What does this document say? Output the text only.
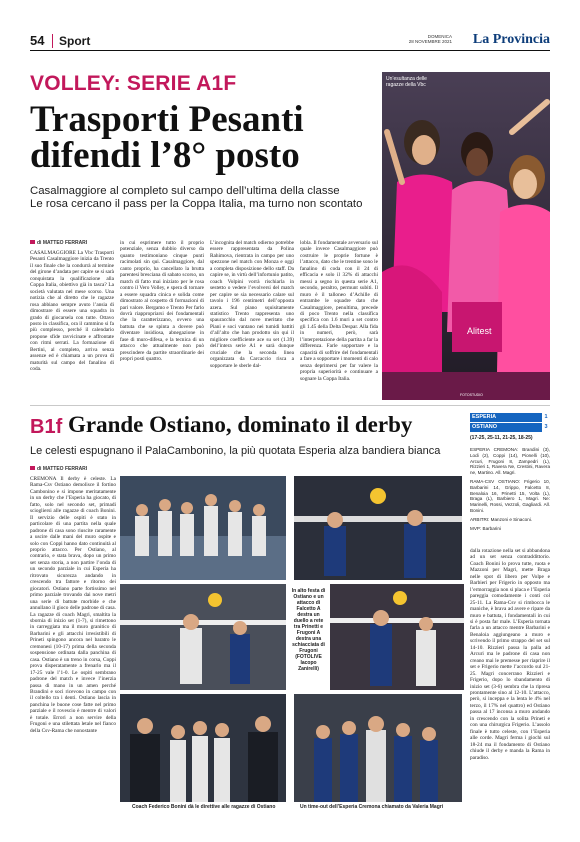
54	Sport	DOMENICA
28 NOVEMBRE 2021 La Provincia
VOLLEY: SERIE A1F
Trasporti Pesanti
difendi l’8° posto
Casalmaggiore al completo sul campo dell’ultima della classe
Le rosa cercano il pass per la Coppa Italia, ma turno non scontato
di MATTEO FERRARI
CASALMAGGIORE La Vbc Trasporti Pesanti Casalmaggiore inizia da Trento il suo finale che la condurrà al termine del girone d’andata per capire se si sarà conquistata la qualificazione alla Coppa Italia, obiettivo già in tasca? La società valutata nel mese scorso. Una notizia che al diretto che le ragazze rosa abbiano sempre avuto l’ansia di dimostrare di essere una squadra in grado di giocarsela con tutte. Ottavo posto in classifica, ora il cammino si fa più complesso, perché il calendario propone sfide ravvicinate e affrontate con ritmi serrati. La formazione di Bertini, al completo, arriva senza assenze ed è chiamata a un prova di maturità sul campo del fanalino di coda.
in cui esprimere tutto il proprio potenziale, senza dubbio diverso da quanto testimoniano cinque punti racimolati sin qui. Casalmaggiore, dal canto proprio, ha cancellato la brutta parentesi bresciana di sabato scorso, un match di fatto mai iniziato per le rosa contro il Vero Volley, e spera di tornare a essere squadra cinica e solida come dimostrato al cospetto di formazioni di pari valore. Bergamo e Trento Per farlo dovrà riappropriarsi dei fondamentali che la caratterizzano, ovvero una battuta che se spinta a dovere può diventare insidiosa, abnegazione in fase di muro-difesa, e la tecnica di un attacco che attualmente non può prescindere da partite straordinarie dei propri posti quattro.
L’incognita del match odierno potrebbe essere rappresentata da Polina Rahimova, rientrata in campo per uno spezzone nel match con Monza e oggi a completa disposizione dello staff. Da capire se, in virtù dell’infortunio patito, coach Volpini vorrà rischiarla in sestetto o vedere l’evolversi del match per capire se sia necessario calare sul tavolo i 196 centimetri dell’opposta azera. Sul piano squisitamente statistico Trento rappresenta uno spauracchio dal nove meritato che Piani e soci vantano nei tumidi battiti d’all’alto che han prodotto sin qui il migliore coefficiente ace su set (1.39) dell’intera serie A1 e sarà dunque cruciale che la seconda linea organizzata da Carcaccio risca a sopportare le sberle dal-
lobla. Il fondamentale avversario sul quale invece Casalmaggiore può costruire le proprie fortune è l’attacco, dato che le trentine sono le fanalino di coda con il 24 di efficacia e solo il 32% di attacchi messi a segno in questa serie A1, secondo, peraltro, permunt subiti. Il muro è il talloneo d’Achille di entrambe le squadre dato che Casalmaggiore, penultima, precede di poco Trento nella classifica specifica con 1.6 muri a set contro gli 1.45 della Delta Despar. Alla fida in numeri, però, sarà l’interpretazione della partita a far la differenza. Farle sopportare e la capacità di soffrire del fondamentali a fare a sopportare i momenti di calo senza deprimersi per far valere la propria superiorità e continuare a sognare la Coppa Italia.
Alitest
Un’esultanza delle ragazze della Vbc
FOTOSTUDIO
B1f Grande Ostiano, dominato il derby
Le celesti espugnano il PalaCambonino, la più quotata Esperia alza bandiera bianca
di MATTEO FERRARI
CREMONA Il derby è celeste. La Rama-Csv Ostiano demolisce il fortino Cambonino e si impone meritatamente in un derby che l’Esperia ha giocato, di fatto, solo nel secondo set, primadi sciogliersi alle ragazze di coach Bonini. Il servizio delle ospiti è stato in particolare di una partita nella quale padrone di casa sono riuscite raramente a uscire dalle mani del muro ospite e solo con Coppi hanno dato continuità al proprio attacco. Per Ostiano, al contrario, e stata brava, dopo un primo set senza storia, a non partire l’onda di un secondo parziale in cui Esperia ha ritrovato sicurezza andando in crescendo tra fattore e ritorno dei giocatori. Ostiano parte fortissimo nel primo parziale trovando dai nove metri una serie di battute morbide e che annullano il gioco delle padrone di casa. La ragazze di coach Magri, smaltita la sbornia di inizio set (1-7), si rimettono in carreggiata ma il muro granitico di Barbarini e gli attacchi irresistibili di Prineti spingono ancora nel baratro le cremonesi (10-17) prima della seconda sospensione ordinata dalla panchina di casa. Ostiano è un treno in corsa, Coppi prova disperatamente a frenarlo ma il 17-25 vale l’1-0. Le ospiti sembrano padrone del match e invece l’inerzia passa di mano in un amen perché Brandini e soci ricevono in campo con il coltello tra i denti. Ostiano lascia in panchina le buone cose fatte nel primo parziale e il rovescio è mentre di valori è totale. Errori a non servire della Frugoni e una stilettata letale nel fianco della Csv-Rama che nonostante
dalla rotazione nella set si abbandona ad un set senza contraddittorio. Coach Bonini lo prova tutte, ruota e Mazzoni per Magri, mette Braga nelle spot di libero per Volpe e Barbieri per Frigerio in opposto ma l’ermorraggia non si placa e l’Esperia pareggia comodamente i conti col 25-11. La Rama-Csv si rimbocca le maniche, è brava ad avere e ripare da muro e battuta, i fondamentali in cui si è posta far male. L’Esperia tornata farla a un attacco mentre Barbarini e Benaloia aggiungeano a muro e scrivendo il primo strappo del set sul 14-10. Rizzieri passa la palla ad Arcuri ma le padrone di casa non creano mai le premesse per riaprire il set e Frigerio mette l’accordo sul 21-25. Magri concerrano Rizzieri e Frigerio, dopo lo sbandamento di inizio set (3-6) sembra che la ripresa prontamente sino al 12-10. L’attacco, però, si inceppa e la lenta le 4% nel terzo, il 17% nel quattro) ed Ostiano passa al 17 inconsa a muro andando in crescendo con la solita Prineti e con una chirurgica Frigerio. L’assolo finale è tutto celeste, con l’Esperia alle corde. Magri ferma i giochi sul 18-24 ma il fondamento di Ostiano chiude il derby e manda la Rama in paradiso.
ESPERIA	1
OSTIANO	3
(17-25, 25-11, 21-25, 18-25)

ESPERIA CREMONA: Brandini (3), Lodi (2), Coppi (14), Pionelli (10), Arcuri, Frugoni 8, Zampedri (L), Rizzieri 1, Ravera Ne, Crestini, Ravera ne, Martino. All. Magri.

RAMA-CSV OSTIANO: Frigerio 10, Barbarini 14, Grippo, Falcetto 8, Benaloia 16, Prinetti 15, Volta (L), Braga (L), Barbiero 1, Magri. Ne: Marinelli, Rossi, Vezzoli, Gagliardi. All. Bonini.

ARBITRI: Manzoni e Sinaconi.

MVP: Barbarini

In alto festa di Ostiano e un attacco di Falcetto A destra un duello a rete tra Prinetti e Frugoni A destra una schiacciata di Frugoni (FOTOLIVE Iacopo Zanirelli)
Coach Federico Bonini dà le direttive alle ragazze di Ostiano	Un time-out dell’Esperia Cremona chiamato da Valeria Magri
